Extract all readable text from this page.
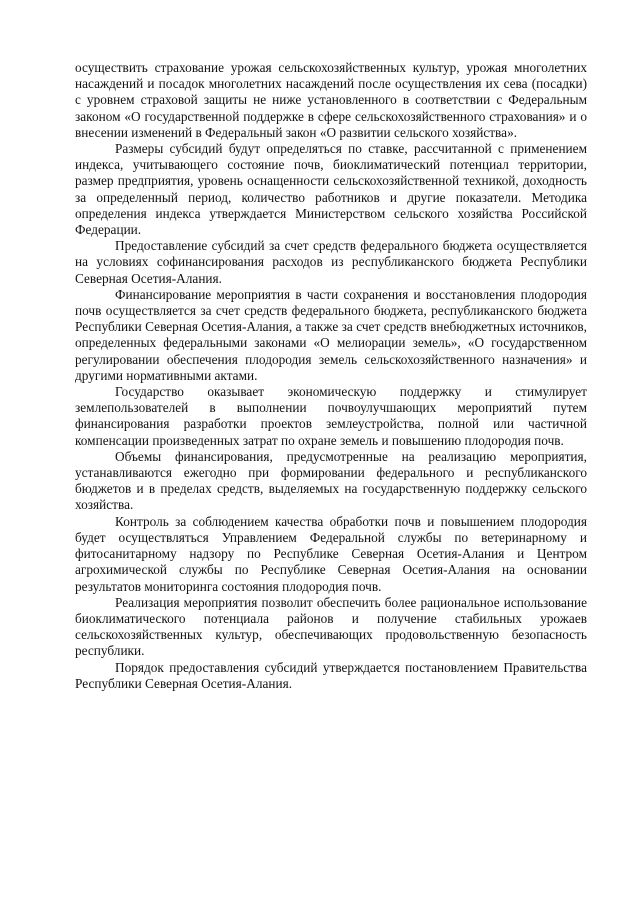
осуществить страхование урожая сельскохозяйственных культур, урожая многолетних насаждений и посадок многолетних насаждений после осуществления их сева (посадки) с уровнем страховой защиты не ниже установленного в соответствии с Федеральным законом «О государственной поддержке в сфере сельскохозяйственного страхования» и о внесении изменений в Федеральный закон «О развитии сельского хозяйства».

Размеры субсидий будут определяться по ставке, рассчитанной с применением индекса, учитывающего состояние почв, биоклиматический потенциал территории, размер предприятия, уровень оснащенности сельскохозяйственной техникой, доходность за определенный период, количество работников и другие показатели. Методика определения индекса утверждается Министерством сельского хозяйства Российской Федерации.

Предоставление субсидий за счет средств федерального бюджета осуществляется на условиях софинансирования расходов из республиканского бюджета Республики Северная Осетия-Алания.

Финансирование мероприятия в части сохранения и восстановления плодородия почв осуществляется за счет средств федерального бюджета, республиканского бюджета Республики Северная Осетия-Алания, а также за счет средств внебюджетных источников, определенных федеральными законами «О мелиорации земель», «О государственном регулировании обеспечения плодородия земель сельскохозяйственного назначения» и другими нормативными актами.

Государство оказывает экономическую поддержку и стимулирует землепользователей в выполнении почвоулучшающих мероприятий путем финансирования разработки проектов землеустройства, полной или частичной компенсации произведенных затрат по охране земель и повышению плодородия почв.

Объемы финансирования, предусмотренные на реализацию мероприятия, устанавливаются ежегодно при формировании федерального и республиканского бюджетов и в пределах средств, выделяемых на государственную поддержку сельского хозяйства.

Контроль за соблюдением качества обработки почв и повышением плодородия будет осуществляться Управлением Федеральной службы по ветеринарному и фитосанитарному надзору по Республике Северная Осетия-Алания и Центром агрохимической службы по Республике Северная Осетия-Алания на основании результатов мониторинга состояния плодородия почв.

Реализация мероприятия позволит обеспечить более рациональное использование биоклиматического потенциала районов и получение стабильных урожаев сельскохозяйственных культур, обеспечивающих продовольственную безопасность республики.

Порядок предоставления субсидий утверждается постановлением Правительства Республики Северная Осетия-Алания.
